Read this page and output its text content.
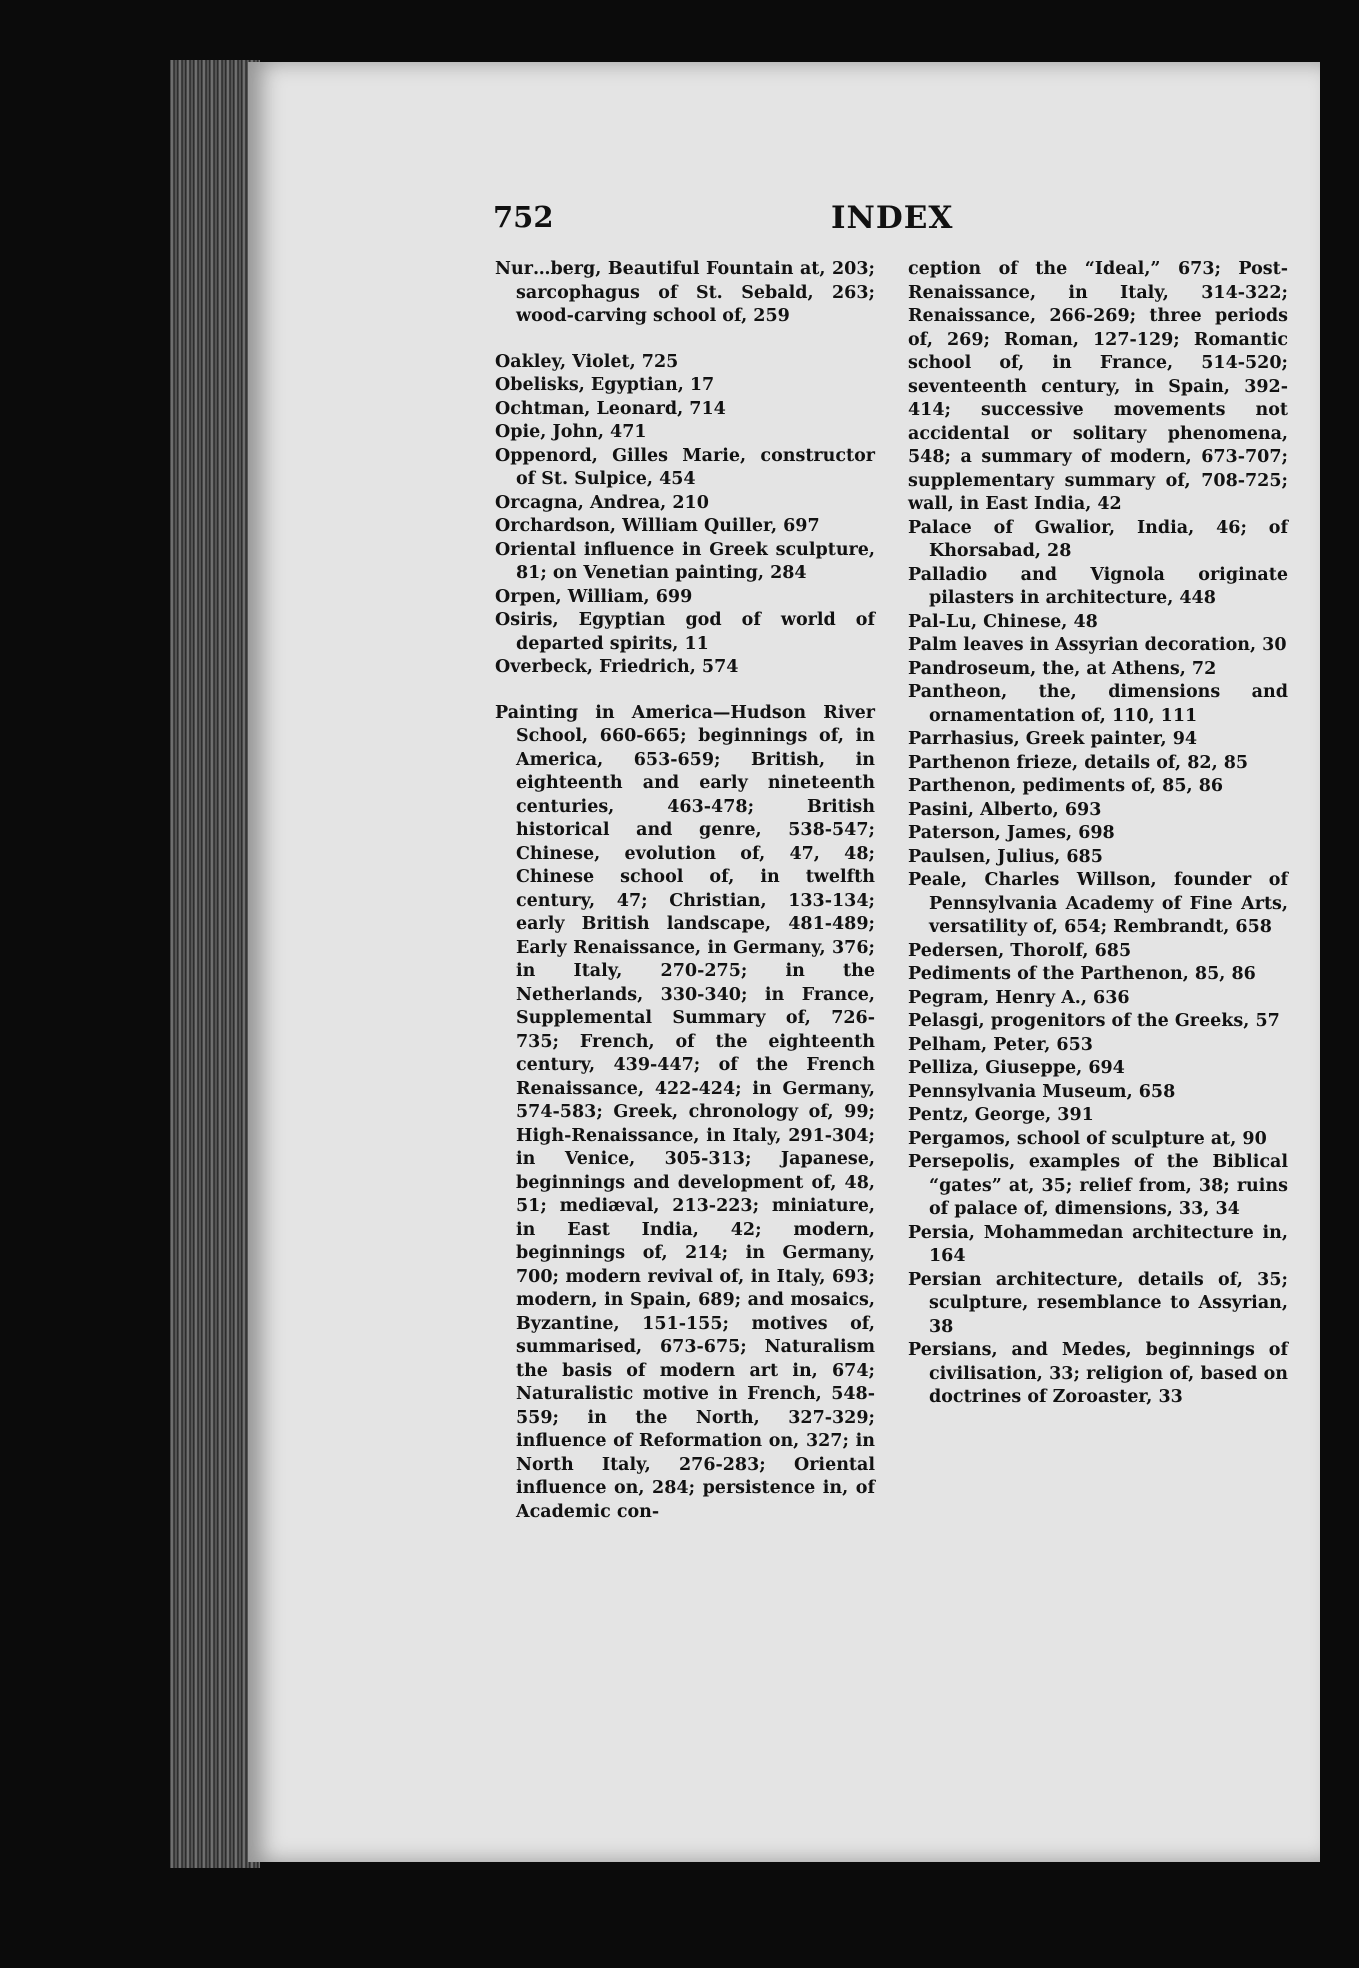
752	INDEX

Nur…berg, Beautiful Fountain at, 203; sarcophagus of St. Sebald, 263; wood-carving school of, 259

Oakley, Violet, 725

Obelisks, Egyptian, 17

Ochtman, Leonard, 714

Opie, John, 471

Oppenord, Gilles Marie, constructor of St. Sulpice, 454

Orcagna, Andrea, 210

Orchardson, William Quiller, 697

Oriental influence in Greek sculpture, 81; on Venetian painting, 284

Orpen, William, 699

Osiris, Egyptian god of world of departed spirits, 11

Overbeck, Friedrich, 574

Painting in America—Hudson River School, 660-665; beginnings of, in America, 653-659; British, in eighteenth and early nineteenth centuries, 463-478; British historical and genre, 538-547; Chinese, evolution of, 47, 48; Chinese school of, in twelfth century, 47; Christian, 133-134; early British landscape, 481-489; Early Renaissance, in Germany, 376; in Italy, 270-275; in the Netherlands, 330-340; in France, Supplemental Summary of, 726-735; French, of the eighteenth century, 439-447; of the French Renaissance, 422-424; in Germany, 574-583; Greek, chronology of, 99; High-Renaissance, in Italy, 291-304; in Venice, 305-313; Japanese, beginnings and development of, 48, 51; mediæval, 213-223; miniature, in East India, 42; modern, beginnings of, 214; in Germany, 700; modern revival of, in Italy, 693; modern, in Spain, 689; and mosaics, Byzantine, 151-155; motives of, summarised, 673-675; Naturalism the basis of modern art in, 674; Naturalistic motive in French, 548-559; in the North, 327-329; influence of Reformation on, 327; in North Italy, 276-283; Oriental influence on, 284; persistence in, of Academic con-

ception of the “Ideal,” 673; Post-Renaissance, in Italy, 314-322; Renaissance, 266-269; three periods of, 269; Roman, 127-129; Romantic school of, in France, 514-520; seventeenth century, in Spain, 392-414; successive movements not accidental or solitary phenomena, 548; a summary of modern, 673-707; supplementary summary of, 708-725; wall, in East India, 42

Palace of Gwalior, India, 46; of Khorsabad, 28

Palladio and Vignola originate pilasters in architecture, 448

Pal-Lu, Chinese, 48

Palm leaves in Assyrian decoration, 30

Pandroseum, the, at Athens, 72

Pantheon, the, dimensions and ornamentation of, 110, 111

Parrhasius, Greek painter, 94

Parthenon frieze, details of, 82, 85

Parthenon, pediments of, 85, 86

Pasini, Alberto, 693

Paterson, James, 698

Paulsen, Julius, 685

Peale, Charles Willson, founder of Pennsylvania Academy of Fine Arts, versatility of, 654; Rembrandt, 658

Pedersen, Thorolf, 685

Pediments of the Parthenon, 85, 86

Pegram, Henry A., 636

Pelasgi, progenitors of the Greeks, 57

Pelham, Peter, 653

Pelliza, Giuseppe, 694

Pennsylvania Museum, 658

Pentz, George, 391

Pergamos, school of sculpture at, 90

Persepolis, examples of the Biblical “gates” at, 35; relief from, 38; ruins of palace of, dimensions, 33, 34

Persia, Mohammedan architecture in, 164

Persian architecture, details of, 35; sculpture, resemblance to Assyrian, 38

Persians, and Medes, beginnings of civilisation, 33; religion of, based on doctrines of Zoroaster, 33
